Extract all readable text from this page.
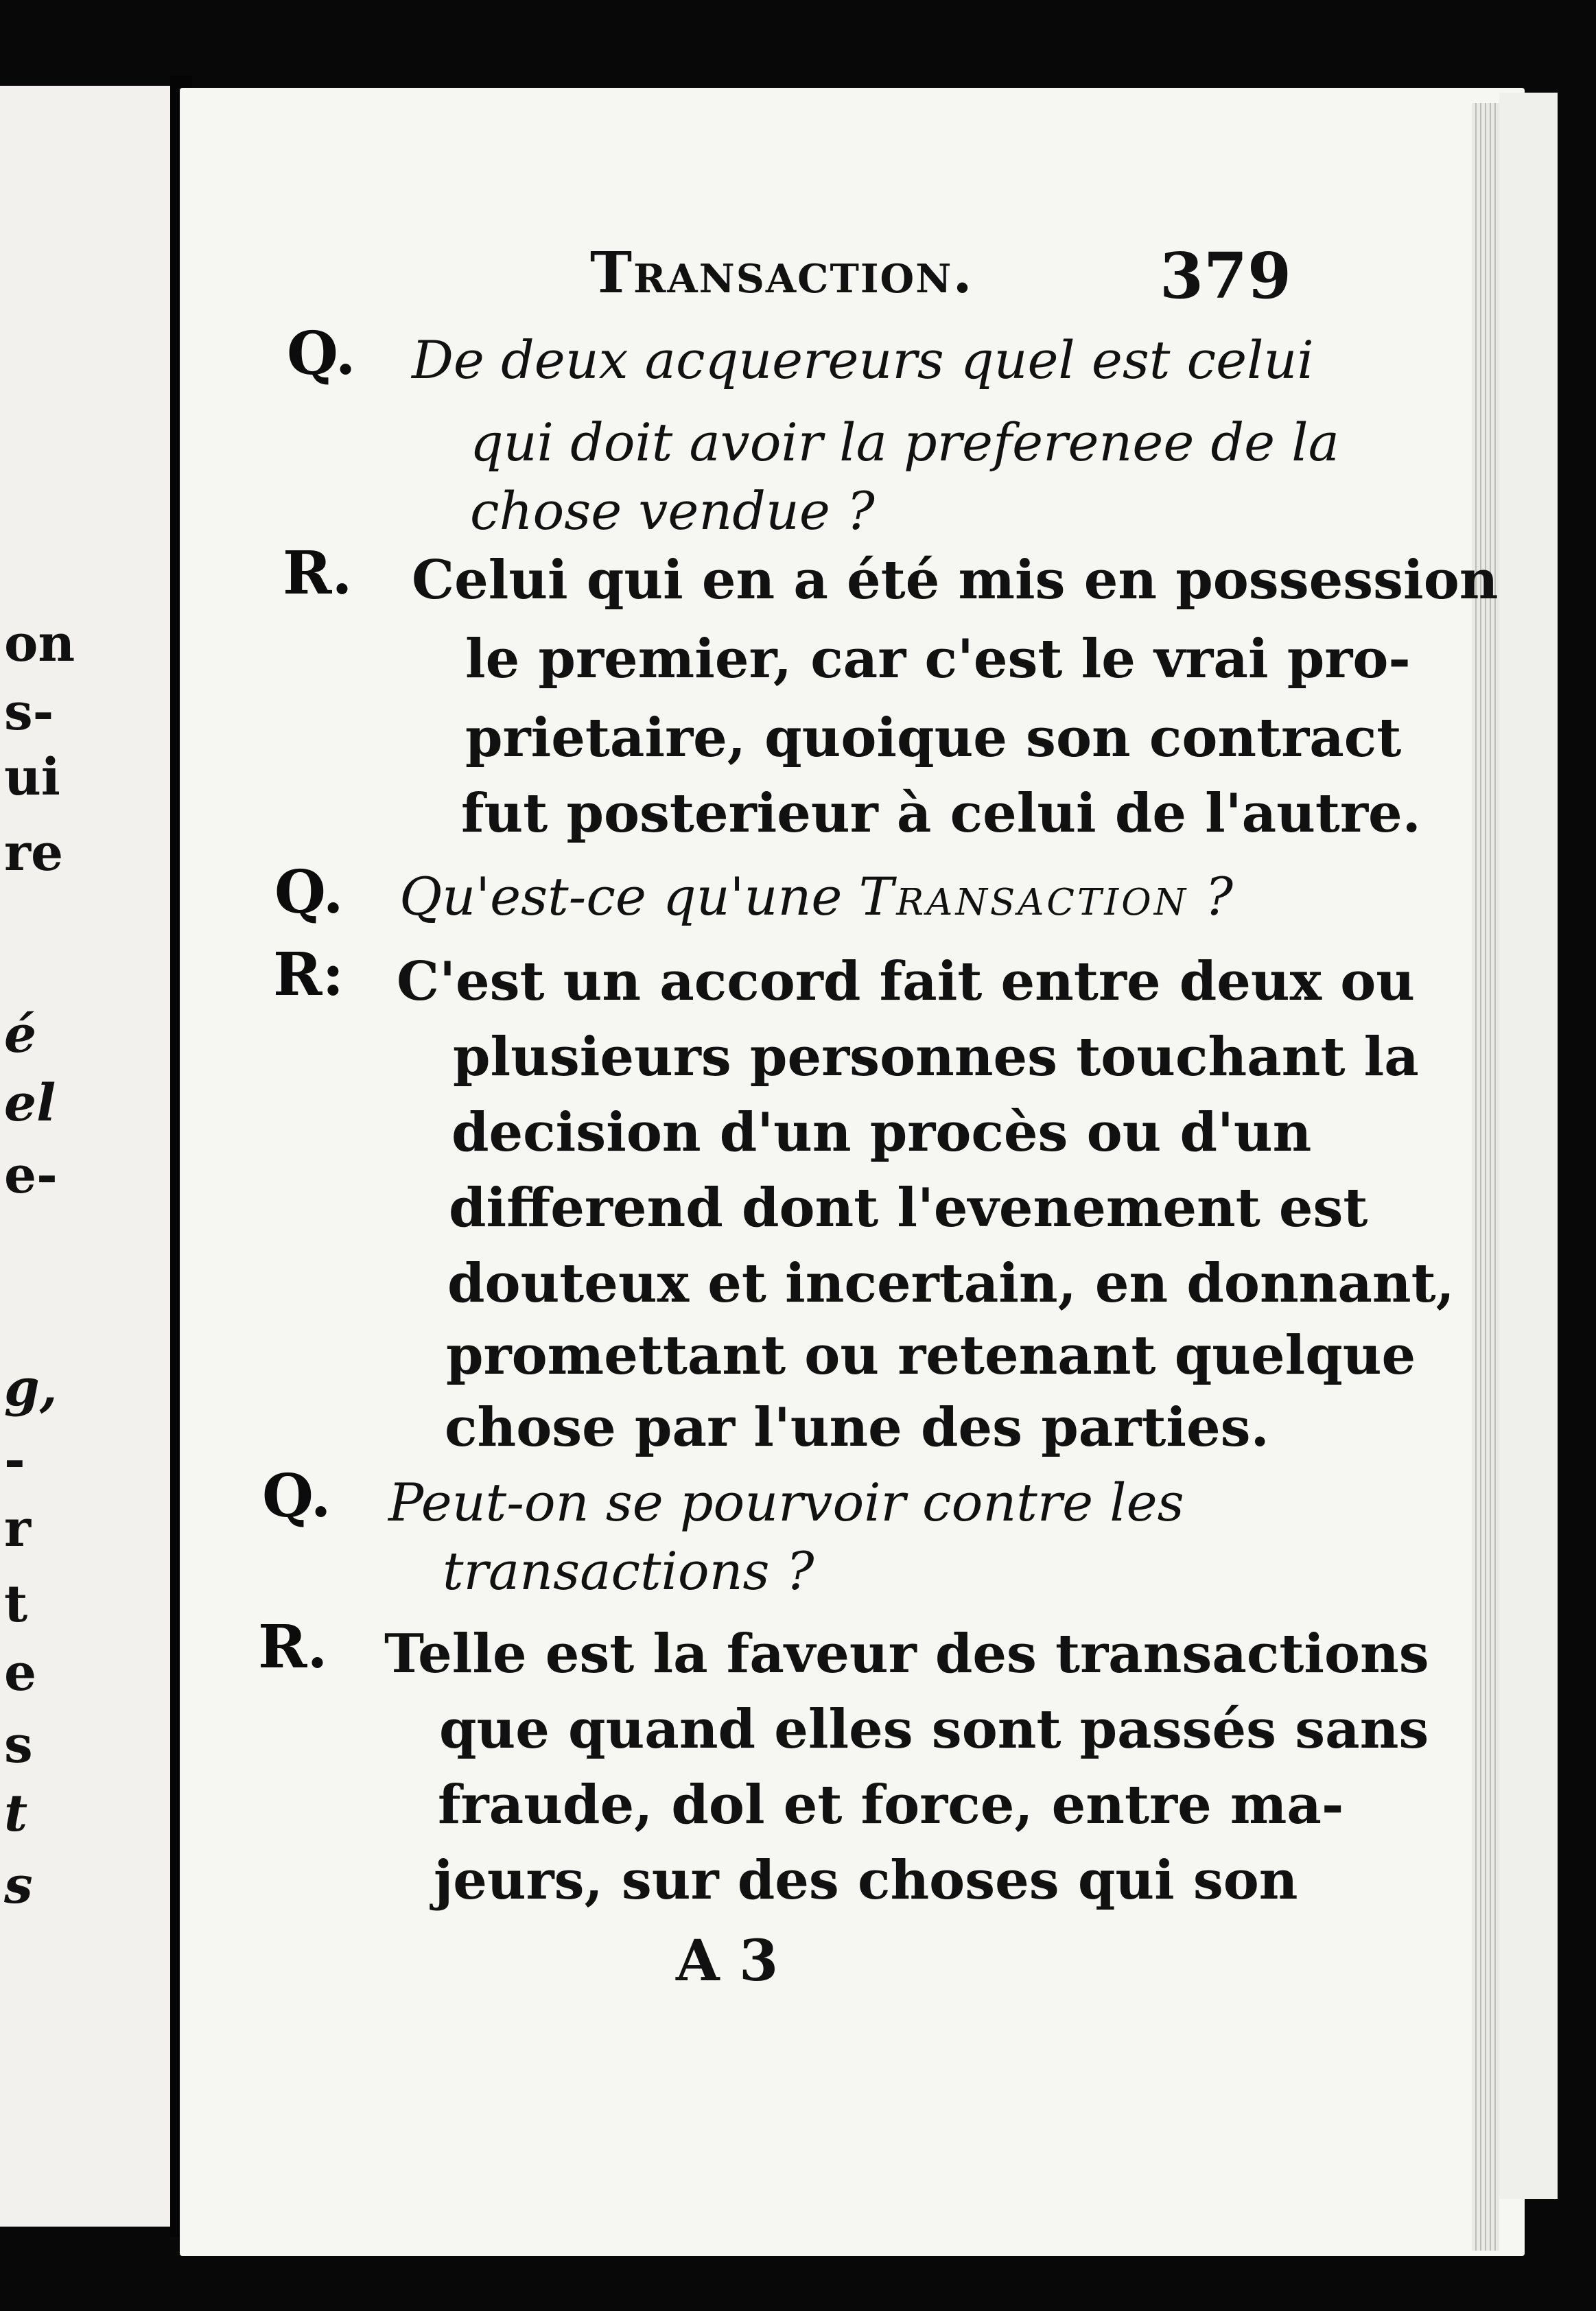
on
s-
ui
re
é
el
e-
g,
-
r
t
e
s
t
s
Transaction.	379
Q. De deux acquereurs quel est celui
qui doit avoir la preferenee de la
chose vendue ?
R. Celui qui en a été mis en possession
le premier, car c'est le vrai pro-
prietaire, quoique son contract
fut posterieur à celui de l'autre.
Q. Qu'est-ce qu'une Transaction ?
R: C'est un accord fait entre deux ou
plusieurs personnes touchant la
decision d'un procès ou d'un
differend dont l'evenement est
douteux et incertain, en donnant,
promettant ou retenant quelque
chose par l'une des parties.
Q. Peut-on se pourvoir contre les
transactions ?
R. Telle est la faveur des transactions
que quand elles sont passés sans
fraude, dol et force, entre ma-
jeurs, sur des choses qui son
A 3
